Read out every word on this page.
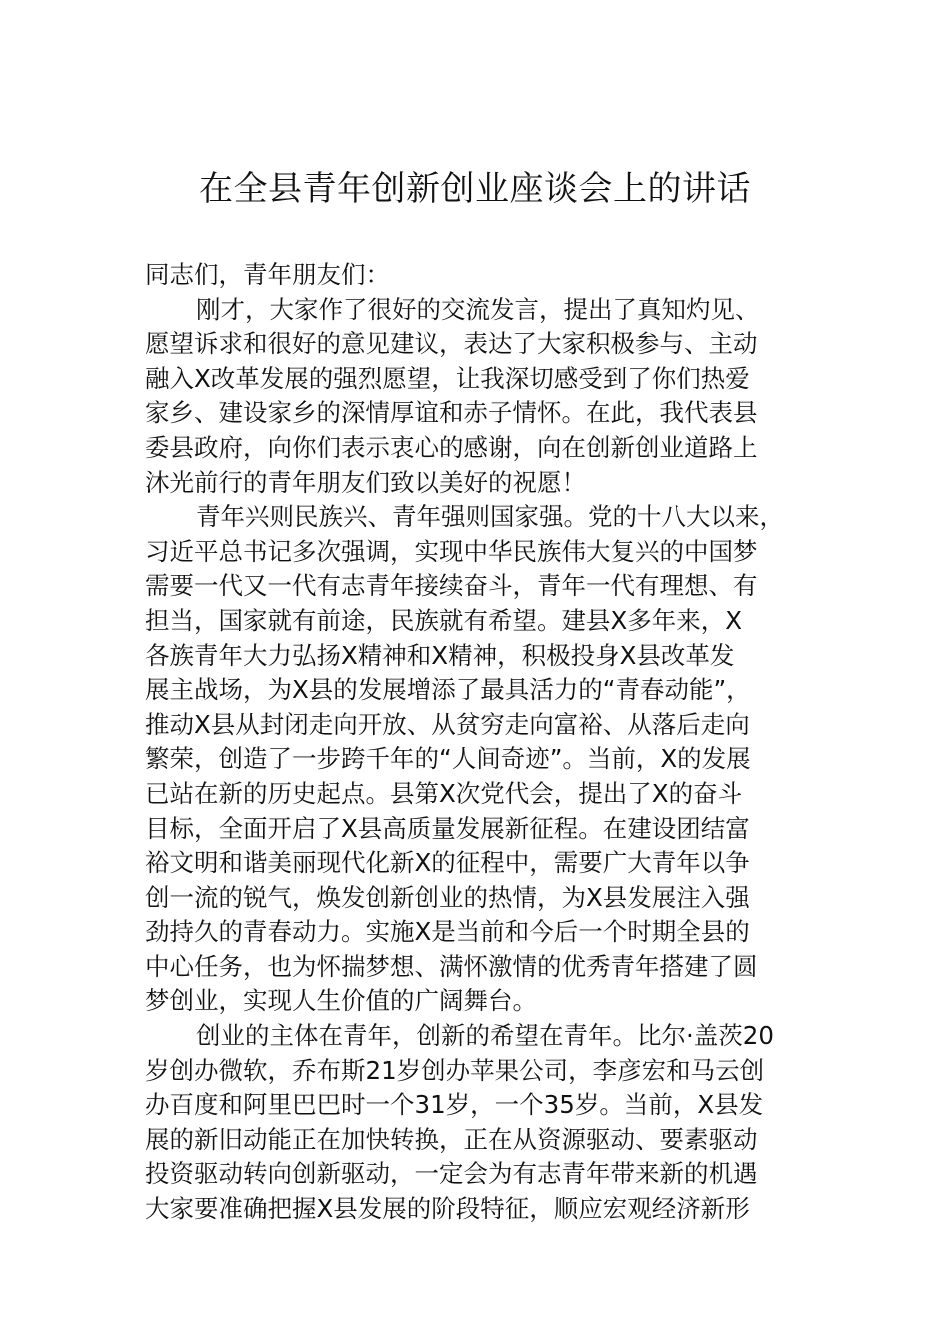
在全县青年创新创业座谈会上的讲话
同志们，青年朋友们：
刚才，大家作了很好的交流发言，提出了真知灼见、
愿望诉求和很好的意见建议，表达了大家积极参与、主动
融入X改革发展的强烈愿望，让我深切感受到了你们热爱
家乡、建设家乡的深情厚谊和赤子情怀。在此，我代表县
委县政府，向你们表示衷心的感谢，向在创新创业道路上
沐光前行的青年朋友们致以美好的祝愿！
青年兴则民族兴、青年强则国家强。党的十八大以来，
习近平总书记多次强调，实现中华民族伟大复兴的中国梦
需要一代又一代有志青年接续奋斗，青年一代有理想、有
担当，国家就有前途，民族就有希望。建县X多年来，X
各族青年大力弘扬X精神和X精神，积极投身X县改革发
展主战场，为X县的发展增添了最具活力的“青春动能”，
推动X县从封闭走向开放、从贫穷走向富裕、从落后走向
繁荣，创造了一步跨千年的“人间奇迹”。当前，X的发展
已站在新的历史起点。县第X次党代会，提出了X的奋斗
目标，全面开启了X县高质量发展新征程。在建设团结富
裕文明和谐美丽现代化新X的征程中，需要广大青年以争
创一流的锐气，焕发创新创业的热情，为X县发展注入强
劲持久的青春动力。实施X是当前和今后一个时期全县的
中心任务，也为怀揣梦想、满怀激情的优秀青年搭建了圆
梦创业，实现人生价值的广阔舞台。
创业的主体在青年，创新的希望在青年。比尔·盖茨20
岁创办微软，乔布斯21岁创办苹果公司，李彦宏和马云创
办百度和阿里巴巴时一个31岁，一个35岁。当前，X县发
展的新旧动能正在加快转换，正在从资源驱动、要素驱动
投资驱动转向创新驱动，一定会为有志青年带来新的机遇
大家要准确把握X县发展的阶段特征，顺应宏观经济新形
